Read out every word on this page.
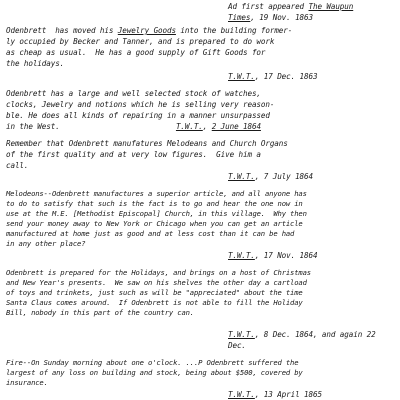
Ad first appeared The Waupun
Times, 19 Nov. 1863
Odenbrett  has moved his Jewelry Goods into the building former-
ly occupied by Becker and Tanner, and is prepared to do work
as cheap as usual.  He has a good supply of Gift Goods for
the holidays.
T.W.T., 17 Dec. 1863
Odenbrett has a large and well selected stock of watches,
clocks, Jewelry and notions which he is selling very reason-
ble. He does all kinds of repairing in a manner unsurpassed
in the West.                          T.W.T., 2 June 1864
Remember that Odenbrett manufatures Melodeans and Church Organs
of the first quality and at very low figures.  Give him a
call.
T.W.T., 7 July 1864
Melodeons--Odenbrett manufactures a superior article, and all anyone has
to do to satisfy that such is the fact is to go and hear the one now in
use at the M.E. [Methodist Episcopal] Church, in this village.  Why then
send your money away to New York or Chicago when you can get an article
manufactured at home just as good and at less cost than it can be had
in any other place?
T.W.T., 17 Nov. 1864
Odenbrett is prepared for the Holidays, and brings on a host of Christmas
and New Year's presents.  We saw on his shelves the other day a cartload
of toys and trinkets, just such as will be "appreciated" about the time
Santa Claus comes around.  If Odenbrett is not able to fill the Holiday
Bill, nobody in this part of the country can.
T.W.T., 8 Dec. 1864, and again 22
Dec.
Fire--On Sunday morning about one o'clock. ...P Odenbrett suffered the
largest of any loss on building and stock, being about $500, covered by
insurance.
T.W.T., 13 April 1865
